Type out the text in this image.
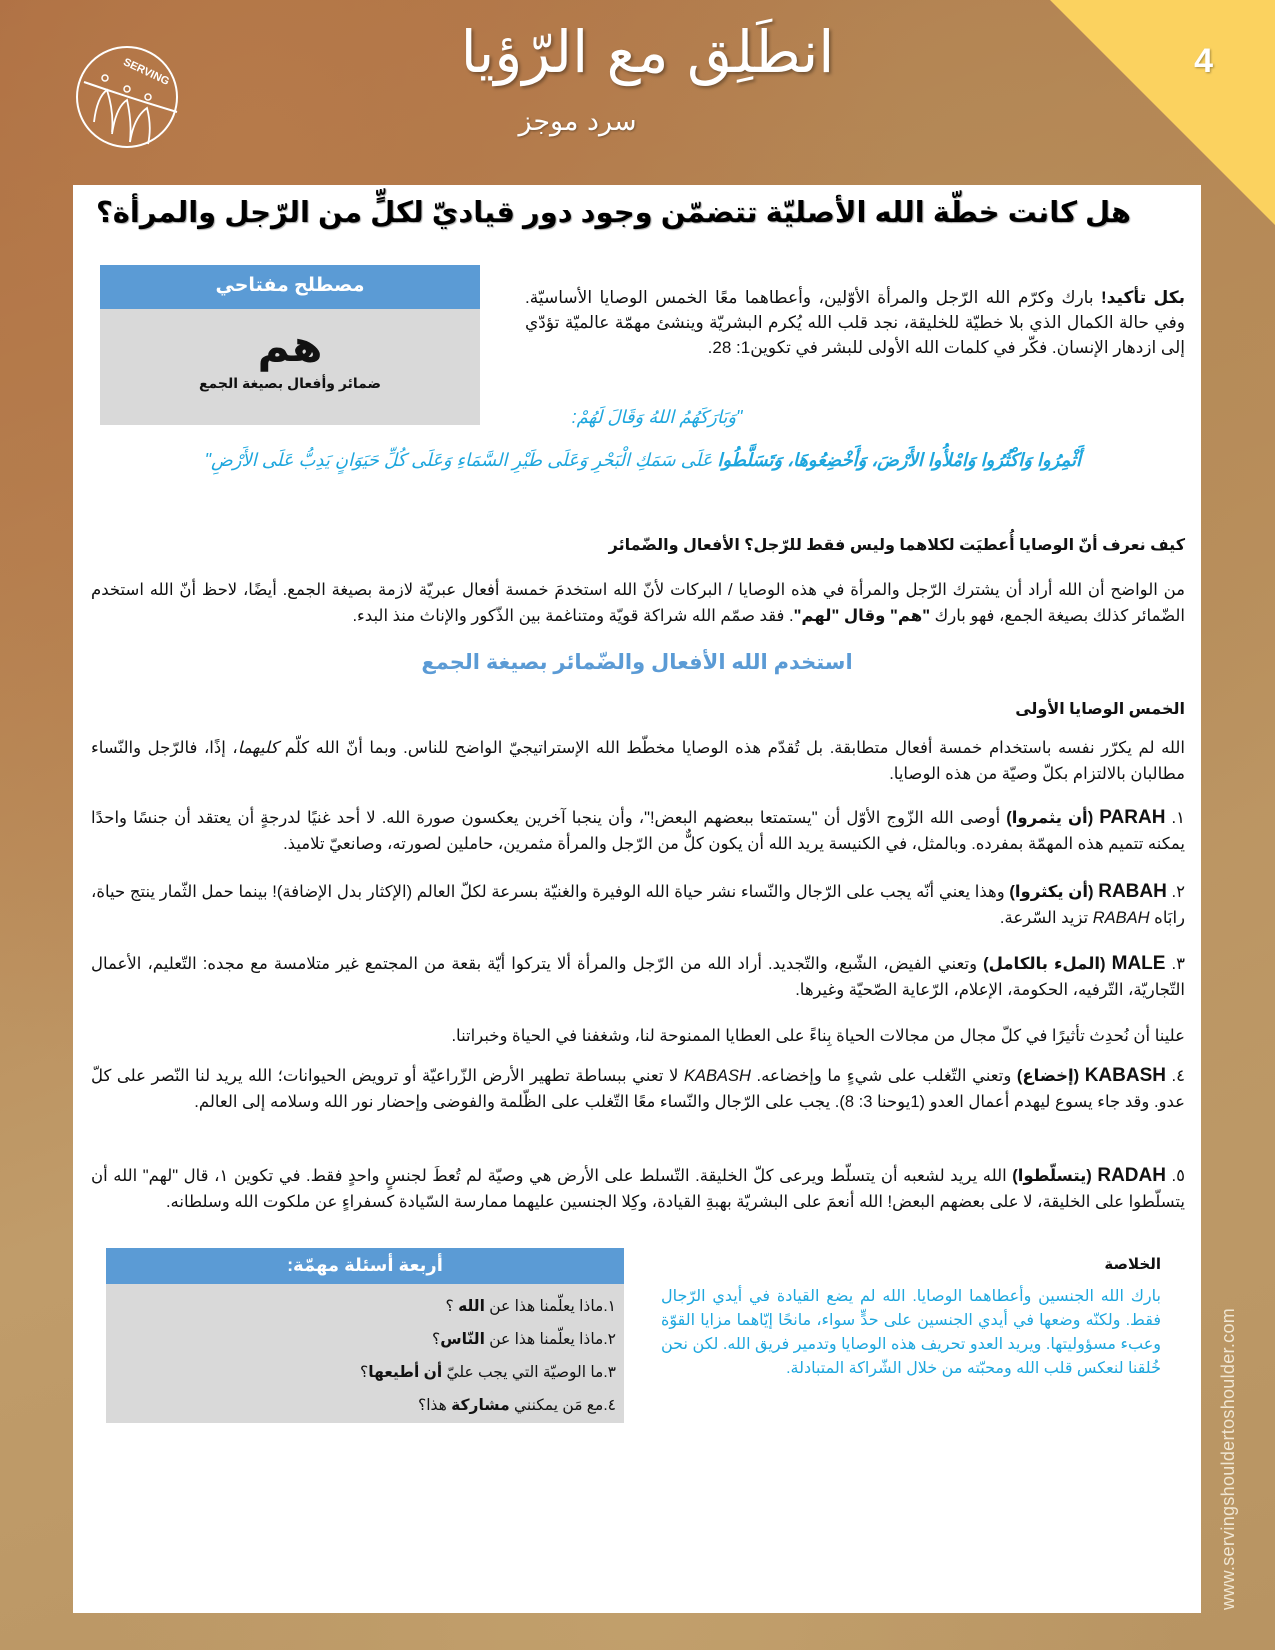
4
SERVING	انطَلِق مع الرّؤيا
سرد موجز
هل كانت خطّة الله الأصليّة تتضمّن وجود دور قياديّ لكلٍّ من الرّجل والمرأة؟
مصطلح مفتاحي
هم
ضمائر وأفعال بصيغة الجمع
بكل تأكيد! بارك وكرّم الله الرّجل والمرأة الأوّلين، وأعطاهما معًا الخمس الوصايا الأساسيّة. وفي حالة الكمال الذي بلا خطيّة للخليقة، نجد قلب الله يُكرم البشريّة وينشئ مهمّة عالميّة تؤدّي إلى ازدهار الإنسان. فكّر في كلمات الله الأولى للبشر في تكوين1: 28.
"وَبَارَكَهُمُ اللهُ وَقَالَ لَهُمْ:
أَثْمِرُوا وَاكْثُرُوا وَامْلأُوا الأَرْضَ، وَأَخْضِعُوهَا، وَتَسَلَّطُوا عَلَى سَمَكِ الْبَحْرِ وَعَلَى طَيْرِ السَّمَاءِ وَعَلَى كُلِّ حَيَوَانٍ يَدِبُّ عَلَى الأَرْضِ"
كيف نعرف أنّ الوصايا أُعطيَت لكلاهما وليس فقط للرّجل؟ الأفعال والضّمائر
من الواضح أن الله أراد أن يشترك الرّجل والمرأة في هذه الوصايا / البركات لأنّ الله استخدمَ خمسة أفعال عبريّة لازمة بصيغة الجمع. أيضًا، لاحظ أنّ الله استخدم الضّمائر كذلك بصيغة الجمع، فهو بارك "هم" وقال "لهم". فقد صمّم الله شراكة قويّة ومتناغمة بين الذّكور والإناث منذ البدء.
استخدم الله الأفعال والضّمائر بصيغة الجمع
الخمس الوصايا الأولى
الله لم يكرّر نفسه باستخدام خمسة أفعال متطابقة. بل تُقدّم هذه الوصايا مخطّط الله الإستراتيجيّ الواضح للناس. وبما أنّ الله كلّم كليهما، إذًا، فالرّجل والنّساء مطالبان بالالتزام بكلّ وصيّة من هذه الوصايا.
١. PARAH (أن يثمروا) أوصى الله الزّوج الأوّل أن "يستمتعا ببعضهم البعض!"، وأن ينجبا آخرين يعكسون صورة الله. لا أحد غنيًا لدرجةٍ أن يعتقد أن جنسًا واحدًا يمكنه تتميم هذه المهمّة بمفرده. وبالمثل، في الكنيسة يريد الله أن يكون كلٌّ من الرّجل والمرأة مثمرين، حاملين لصورته، وصانعيّ تلاميذ.
٢. RABAH (أن يكثروا) وهذا يعني أنّه يجب على الرّجال والنّساء نشر حياة الله الوفيرة والغنيّة بسرعة لكلّ العالم (الإكثار بدل الإضافة)! بينما حمل الثّمار ينتج حياة، رابَاه RABAH تزيد السّرعة.
٣. MALE (الملء بالكامل) وتعني الفيض، الشّبع، والتّجديد. أراد الله من الرّجل والمرأة ألا يتركوا أيّة بقعة من المجتمع غير متلامسة مع مجده: التّعليم، الأعمال التّجاريّة، التّرفيه، الحكومة، الإعلام، الرّعاية الصّحيّة وغيرها.
علينا أن نُحدِث تأثيرًا في كلّ مجال من مجالات الحياة بِناءً على العطايا الممنوحة لنا، وشغفنا في الحياة وخبراتنا.
٤. KABASH (إخضاع) وتعني التّغلب على شيءٍ ما وإخضاعه. KABASH لا تعني ببساطة تطهير الأرض الزّراعيّة أو ترويض الحيوانات؛ الله يريد لنا النّصر على كلّ عدو. وقد جاء يسوع ليهدم أعمال العدو (1يوحنا 3: 8). يجب على الرّجال والنّساء معًا التّغلب على الظّلمة والفوضى وإحضار نور الله وسلامه إلى العالم.
٥. RADAH (يتسلّطوا) الله يريد لشعبه أن يتسلّط ويرعى كلّ الخليقة. التّسلط على الأرض هي وصيّة لم تُعطَ لجنسٍ واحدٍ فقط. في تكوين ١، قال "لهم" الله أن يتسلّطوا على الخليقة، لا على بعضهم البعض! الله أنعمَ على البشريّة بهبةِ القيادة، وكِلا الجنسين عليهما ممارسة السّيادة كسفراءٍ عن ملكوت الله وسلطانه.
أربعة أسئلة مهمّة:
١.ماذا يعلّمنا هذا عن الله ؟
٢.ماذا يعلّمنا هذا عن النّاس؟
٣.ما الوصيّة التي يجب عليّ أن أطيعها؟
٤.مع مَن يمكنني مشاركة هذا؟
الخلاصة
بارك الله الجنسين وأعطاهما الوصايا. الله لم يضع القيادة في أيدي الرّجال فقط. ولكنّه وضعها في أيدي الجنسين على حدٍّ سواء، مانحًا إيّاهما مزايا القوّة وعبء مسؤوليتها. ويريد العدو تحريف هذه الوصايا وتدمير فريق الله. لكن نحن خُلقنا لنعكس قلب الله ومحبّته من خلال الشّراكة المتبادلة.	www.servingshouldertoshoulder.com
